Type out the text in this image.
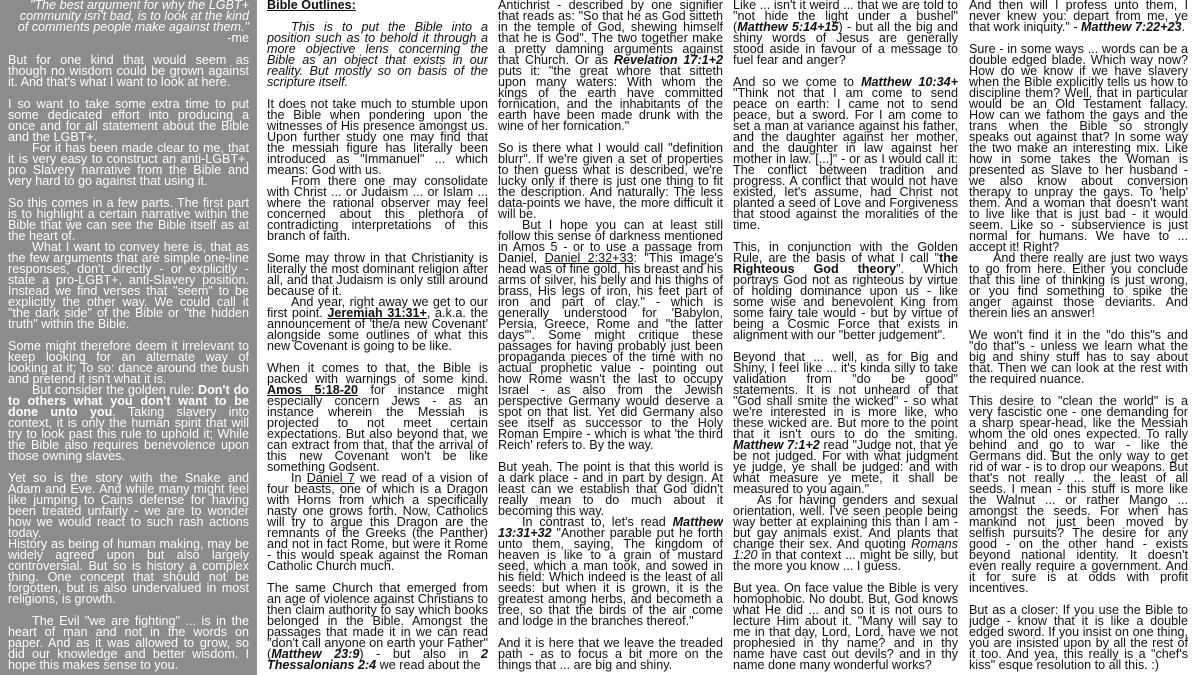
"The best argument for why the LGBT+ community isn't bad, is to look at the kind of comments people make against them."

-me

But for one kind that would seem as though no wisdom could be grown against it. And that's what I want to look at here.

I so want to take some extra time to put some dedicated effort into producing a once and for all statement about the Bible and the LGBT+.

For it has been made clear to me, that it is very easy to construct an anti-LGBT+, pro Slavery narrative from the Bible and very hard to go against that using it.

So this comes in a few parts. The first part is to highlight a certain narrative within the Bible that we can see the Bible itself as at the heart of.

What I want to convey here is, that as the few arguments that are simple one-line responses, don't directly - or explicitly - state a pro-LGBT+, anti-Slavery position. Instead we find verses that "seem" to be explicitly the other way. We could call it "the dark side" of the Bible or "the hidden truth" within the Bible.

Some might therefore deem it irrelevant to keep looking for an alternate way of looking at it; To so: dance around the bush and pretend it isn't what it is.

But consider the golden rule: Don't do to others what you don't want to be done unto you. Taking slavery into context, it is only the human spirit that will try to look past this rule to uphold it; While the Bible also requires benevolence upon those owning slaves.

Yet so is the story with the Snake and Adam and Eve. And while many might feel like jumping to Cains defense for having been treated unfairly - we are to wonder how we would react to such rash actions today.

History as being of human making, may be widely agreed upon but also largely controversial. But so is history a complex thing. One concept that should not be forgotten, but is also undervalued in most religions, is growth.

The Evil "we are fighting" ... is in the heart of man and not in the words on paper. And as it was allowed to grow, so did our knowledge and better wisdom. I hope this makes sense to you.

Bible Outlines:

This is to put the Bible into a position such as to behold it through a more objective lens concerning the Bible as an object that exists in our reality. But mostly so on basis of the scripture itself.

It does not take much to stumble upon the Bible when pondering upon the witnesses of His presence amongst us. Upon further study one may find that the messiah figure has literally been introduced as "Immanuel" ... which means: God with us.

From there one may consolidate with Christ ... or Judaism ... or Islam ... where the rational observer may feel concerned about this plethora of contradicting interpretations of this branch of faith.

Some may throw in that Christianity is literally the most dominant religion after all, and that Judaism is only still around because of it.

And year, right away we get to our first point. Jeremiah 31:31+, a.k.a. the announcement of 'the/a new Covenant' alongside some outlines of what this new Covenant is going to be like.

When it comes to that, the Bible is packed with warnings of some kind. Amos 5:18-20 for instance might especially concern Jews - as an instance wherein the Messiah is projected to not meet certain expectations. But also beyond that, we can extract from that, that the arrival of this new Covenant won't be like something Godsent.

In Daniel 7 we read of a vision of four beasts, one of which is a Dragon with Horns from which a specifically nasty one grows forth. Now, Catholics will try to argue this Dragon are the remnants of the Greeks (the Panther) and not in fact Rome, but were it Rome - this would speak against the Roman Catholic Church much.

The same Church that emerged from an age of violence against Christians to then claim authority to say which books belonged in the Bible. Amongst the passages that made it in we can read "don't call anyone on earth your Father" (Matthew 23:9) - but also in 2 Thessalonians 2:4 we read about the

Antichrist - described by one signifier that reads as: "So that he as God sitteth in the temple of God, shewing himself that he is God". The two together make a pretty damning arguments against that Church. Or as Revelation 17:1+2 puts it: "the great whore that sitteth upon many waters: With whom the kings of the earth have committed fornication, and the inhabitants of the earth have been made drunk with the wine of her fornication."

So is there what I would call "definition blurr". If we're given a set of properties to then guess what is described, we're lucky only if there is just one thing to fit the description. And naturally: The less data-points we have, the more difficult it will be.

But I hope you can at least still follow this sense of darkness mentioned in Amos 5 - or to use a passage from Daniel, Daniel 2:32+33: "This image's head was of fine gold, his breast and his arms of silver, his belly and his thighs of brass, His legs of iron, his feet part of iron and part of clay." - which is generally understood for 'Babylon, Persia, Greece, Rome and "the latter days"'. Some might critique these passages for having probably just been propaganda pieces of the time with no actual prophetic value - pointing out how Rome wasn't the last to occupy Israel - as also from the Jewish perspective Germany would deserve a spot on that list. Yet did Germany also see itself as successor to the Holy Roman Empire - which is what 'the third Reich' refers to. By the way.

But yeah. The point is that this world is a dark place - and in part by design. At least can we establish that God didn't really mean to do much about it becoming this way.

In contrast to, let's read Matthew 13:31+32 "Another parable put he forth unto them, saying, The kingdom of heaven is like to a grain of mustard seed, which a man took, and sowed in his field: Which indeed is the least of all seeds: but when it is grown, it is the greatest among herbs, and becometh a tree, so that the birds of the air come and lodge in the branches thereof."

And it is here that we leave the treaded path - as to focus a bit more on the things that ... are big and shiny.

Like ... isn't it weird ... that we are told to "not hide the light under a bushel" (Matthew 5:14+15) - but all the big and shiny words of Jesus are generally stood aside in favour of a message to fuel fear and anger?

And so we come to Matthew 10:34+ "Think not that I am come to send peace on earth: I came not to send peace, but a sword. For I am come to set a man at variance against his father, and the daughter against her mother, and the daughter in law against her mother in law. [...]" - or as I would call it: The conflict between tradition and progress. A conflict that would not have existed, let's assume, had Christ not planted a seed of Love and Forgiveness that stood against the moralities of the time.

This, in conjunction with the Golden Rule, are the basis of what I call "the Righteous God theory". Which portrays God not as righteous by virtue of holding dominance upon us - like some wise and benevolent King from some fairy tale would - but by virtue of being a Cosmic Force that exists in alignment with our "better judgement".

Beyond that ... well, as for Big and Shiny, I feel like ... it's kinda silly to take validation from "do be good" statements. It is not unheard of that "God shall smite the wicked" - so what we're interested in is more like, who these wicked are. But more to the point that it isn't ours to do the smiting. Matthew 7:1+2 read "Judge not, that ye be not judged. For with what judgment ye judge, ye shall be judged: and with what measure ye mete, it shall be measured to you again."

As for having genders and sexual orientation, well. I've seen people being way better at explaining this than I am - but gay animals exist. And plants that change their sex. And quoting Romans 1:20 in that context ... might be silly, but the more you know ... I guess.

But yea. On face value the Bible is very homophobic. No doubt. But, God knows what He did ... and so it is not ours to lecture Him about it. "Many will say to me in that day, Lord, Lord, have we not prophesied in thy name? and in thy name have cast out devils? and in thy name done many wonderful works?

And then will I profess unto them, I never knew you: depart from me, ye that work iniquity." - Matthew 7:22+23.

Sure - in some ways ... words can be a double edged blade. Which way now? How do we know if we have slavery when the Bible explicitly tells us how to discipline them? Well, that in particular would be an Old Testament fallacy. How can we fathom the gays and the trans when the Bible so strongly speaks out against that? In some way the two make an interesting mix. Like how in some takes the Woman is presented as Slave to her husband - we also know about conversion therapy to unpray the gays. To 'help' them. And a woman that doesn't want to live like that is just bad - it would seem. Like so - subservience is just normal for humans. We have to ... accept it! Right?

And there really are just two ways to go from here. Either you conclude that this line of thinking is just wrong, or you find something to spike the anger against those deviants. And therein lies an answer!

We won't find it in the "do this"s and "do that"s - unless we learn what the big and shiny stuff has to say about that. Then we can look at the rest with the required nuance.

This desire to "clean the world" is a very fascistic one - one demanding for a sharp spear-head, like the Messiah whom the old ones expected. To rally behind and go to war - like the Germans did. But the only way to get rid of war - is to drop our weapons. But that's not really ... the least of all seeds. I mean - this stuff is more like the Walnut ... or rather Mango ... amongst the seeds. For when has mankind not just been moved by selfish pursuits? The desire for any good - on the other hand - exists beyond national identity. It doesn't even really require a government. And it for sure is at odds with profit incentives.

But as a closer: If you use the Bible to judge - know that it is like a double edged sword. If you insist on one thing, you are insisted upon by all the rest of it too. And yea, this really is a "chef's kiss" esque resolution to all this. :)
